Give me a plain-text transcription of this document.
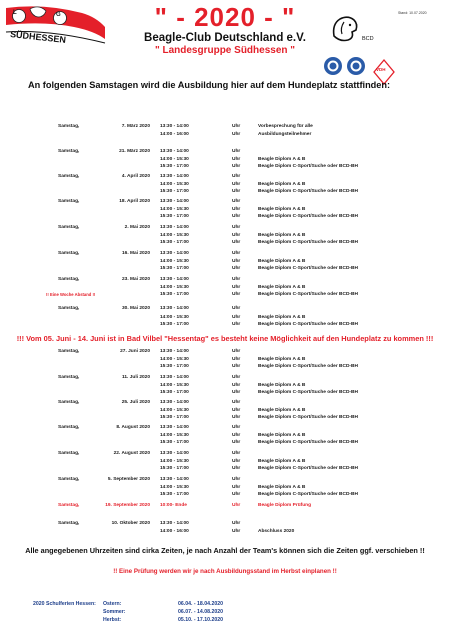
L	G
SÜDHESSEN
" - 2020 - "
Beagle-Club Deutschland e.V.
" Landesgruppe Südhessen "
Stand: 10.07.2020
BCD
VDH
An folgenden Samstagen wird die Ausbildung hier auf dem Hundeplatz stattfinden:
Samstag,	7. März 2020 13:30 - 14:00	Uhr	Vorbesprechung für alle
14:00 - 16:00	Uhr	Ausbildungsteilnehmer
Samstag,	21. März 2020 13:30 - 14:00	Uhr
14:00 - 15:30	Uhr	Beagle Diplom A & B
15:30 - 17:00	Uhr	Beagle Diplom C-Sport/Suche oder BCD-BH
Samstag,	4. April 2020 13:30 - 14:00	Uhr
14:00 - 15:30	Uhr	Beagle Diplom A & B
15:30 - 17:00	Uhr	Beagle Diplom C-Sport/Suche oder BCD-BH
Samstag,	18. April 2020 13:30 - 14:00	Uhr
14:00 - 15:30	Uhr	Beagle Diplom A & B
15:30 - 17:00	Uhr	Beagle Diplom C-Sport/Suche oder BCD-BH
Samstag,	2. Mai 2020 13:30 - 14:00	Uhr
14:00 - 15:30	Uhr	Beagle Diplom A & B
15:30 - 17:00	Uhr	Beagle Diplom C-Sport/Suche oder BCD-BH
Samstag,	16. Mai 2020 13:30 - 14:00	Uhr
14:00 - 15:30	Uhr	Beagle Diplom A & B
15:30 - 17:00	Uhr	Beagle Diplom C-Sport/Suche oder BCD-BH
Samstag,	23. Mai 2020 13:30 - 14:00	Uhr
14:00 - 15:30	Uhr	Beagle Diplom A & B
!! Eine Woche Abstand !!	15:30 - 17:00	Uhr	Beagle Diplom C-Sport/Suche oder BCD-BH
Samstag,	30. Mai 2020 13:30 - 14:00	Uhr
14:00 - 15:30	Uhr	Beagle Diplom A & B
15:30 - 17:00	Uhr	Beagle Diplom C-Sport/Suche oder BCD-BH
!!! Vom 05. Juni - 14. Juni ist in Bad Vilbel "Hessentag" es besteht keine Möglichkeit auf den Hundeplatz zu kommen !!!
Samstag,	27. Juni 2020 13:30 - 14:00	Uhr
14:00 - 15:30	Uhr	Beagle Diplom A & B
15:30 - 17:00	Uhr	Beagle Diplom C-Sport/Suche oder BCD-BH
Samstag,	11. Juli 2020 13:30 - 14:00	Uhr
14:00 - 15:30	Uhr	Beagle Diplom A & B
15:30 - 17:00	Uhr	Beagle Diplom C-Sport/Suche oder BCD-BH
Samstag,	25. Juli 2020 13:30 - 14:00	Uhr
14:00 - 15:30	Uhr	Beagle Diplom A & B
15:30 - 17:00	Uhr	Beagle Diplom C-Sport/Suche oder BCD-BH
Samstag,	8. August 2020 13:30 - 14:00	Uhr
14:00 - 15:30	Uhr	Beagle Diplom A & B
15:30 - 17:00	Uhr	Beagle Diplom C-Sport/Suche oder BCD-BH
Samstag,	22. August 2020 13:30 - 14:00	Uhr
14:00 - 15:30	Uhr	Beagle Diplom A & B
15:30 - 17:00	Uhr	Beagle Diplom C-Sport/Suche oder BCD-BH
Samstag,	5. September 2020 13:30 - 14:00	Uhr
14:00 - 15:30	Uhr	Beagle Diplom A & B
15:30 - 17:00	Uhr	Beagle Diplom C-Sport/Suche oder BCD-BH
Samstag,	19. September 2020 10:00- Ende	Uhr	Beagle Diplom Prüfung
Samstag,	10. Oktober 2020 13:30 - 14:00	Uhr
14:00 - 16:00	Uhr	Abschluss 2020
Alle angegebenen Uhrzeiten sind cirka Zeiten, je nach Anzahl der Team's können sich die Zeiten ggf. verschieben !!
!! Eine Prüfung werden wir je nach Ausbildungsstand im Herbst einplanen !!
2020 Schulferien Hessen: Ostern:	06.04. - 18.04.2020
Sommer:	06.07. - 14.08.2020
Herbst:	05.10. - 17.10.2020
